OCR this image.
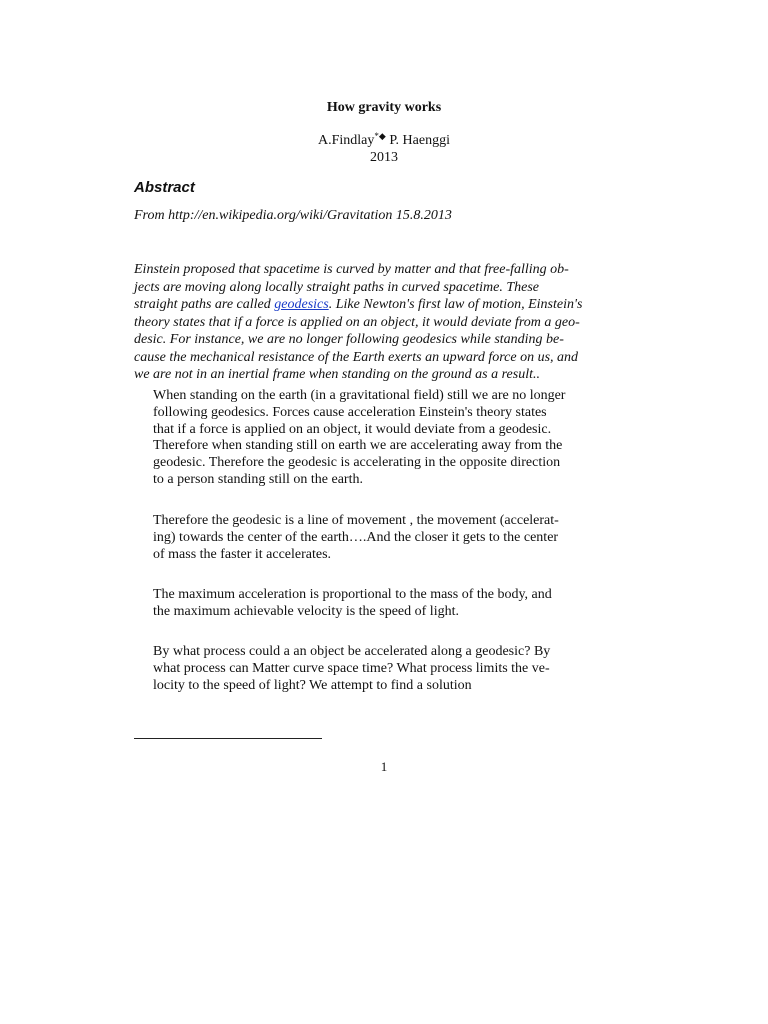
How gravity works
A.Findlay*◆ P. Haenggi
2013
Abstract
From http://en.wikipedia.org/wiki/Gravitation 15.8.2013
Einstein proposed that spacetime is curved by matter and that free-falling ob-
jects are moving along locally straight paths in curved spacetime. These
straight paths are called geodesics. Like Newton's first law of motion, Einstein's
theory states that if a force is applied on an object, it would deviate from a geo-
desic. For instance, we are no longer following geodesics while standing be-
cause the mechanical resistance of the Earth exerts an upward force on us, and
we are not in an inertial frame when standing on the ground as a result..
When standing on the earth (in a gravitational field) still we are no longer
following geodesics. Forces cause acceleration Einstein's theory states
that if a force is applied on an object, it would deviate from a geodesic.
Therefore when standing still on earth we are accelerating away from the
geodesic. Therefore the geodesic is accelerating in the opposite direction
to a person standing still on the earth.
Therefore the geodesic is a line of movement , the movement (accelerat-
ing) towards the center of the earth….And the closer it gets to the center
of mass the faster it accelerates.
The maximum acceleration is proportional to the mass of the body, and
the maximum achievable velocity is the speed of light.
By what process could a an object be accelerated along a geodesic? By
what process can Matter curve space time? What process limits the ve-
locity to the speed of light? We attempt to find a solution
1
